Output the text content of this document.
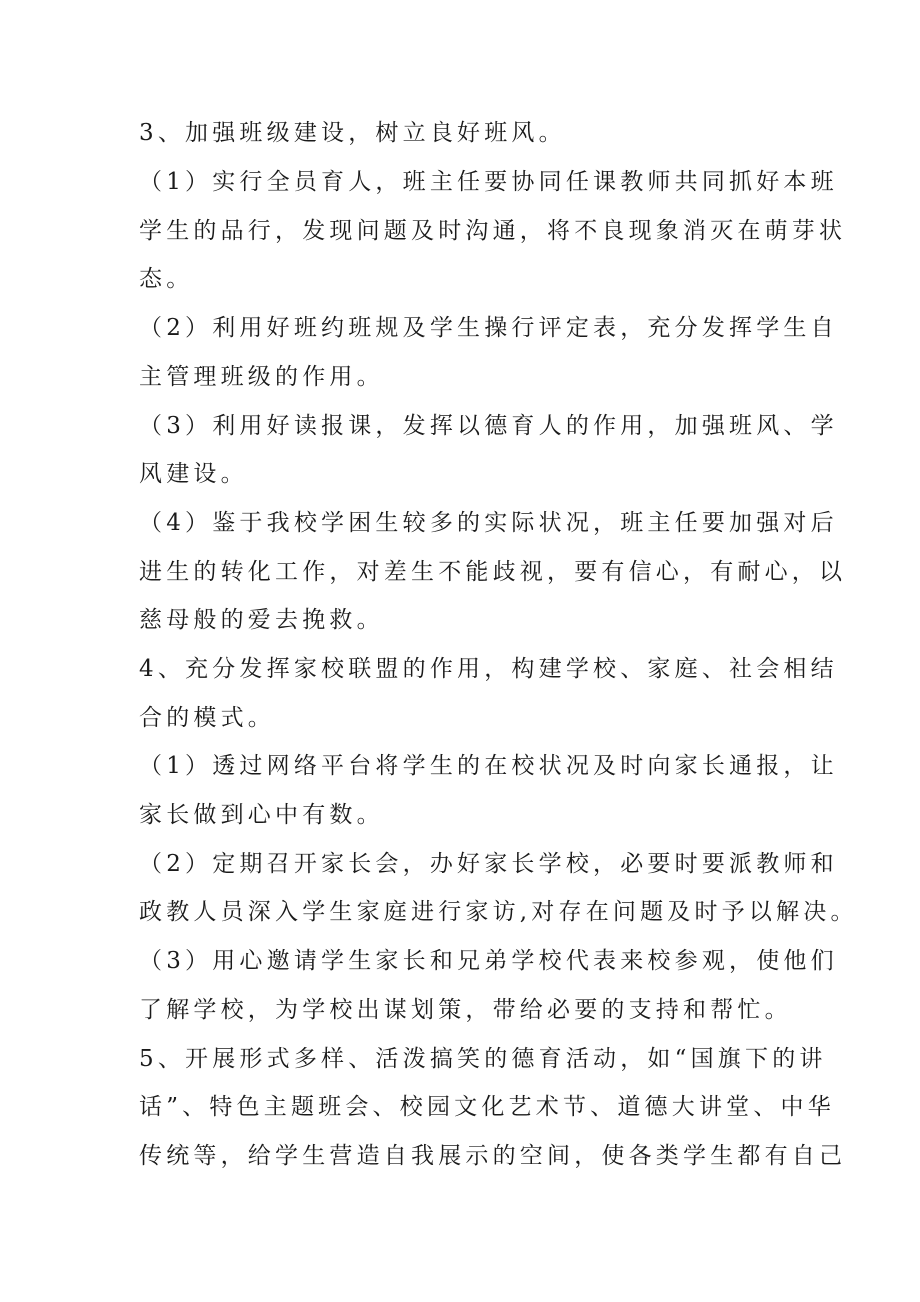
3、加强班级建设，树立良好班风。
（1）实行全员育人，班主任要协同任课教师共同抓好本班
学生的品行，发现问题及时沟通，将不良现象消灭在萌芽状
态。
（2）利用好班约班规及学生操行评定表，充分发挥学生自
主管理班级的作用。
（3）利用好读报课，发挥以德育人的作用，加强班风、学
风建设。
（4）鉴于我校学困生较多的实际状况，班主任要加强对后
进生的转化工作，对差生不能歧视，要有信心，有耐心，以
慈母般的爱去挽救。
4、充分发挥家校联盟的作用，构建学校、家庭、社会相结
合的模式。
（1）透过网络平台将学生的在校状况及时向家长通报，让
家长做到心中有数。
（2）定期召开家长会，办好家长学校，必要时要派教师和
政教人员深入学生家庭进行家访,对存在问题及时予以解决。
（3）用心邀请学生家长和兄弟学校代表来校参观，使他们
了解学校，为学校出谋划策，带给必要的支持和帮忙。
5、开展形式多样、活泼搞笑的德育活动，如“国旗下的讲
话”、特色主题班会、校园文化艺术节、道德大讲堂、中华
传统等，给学生营造自我展示的空间，使各类学生都有自己
